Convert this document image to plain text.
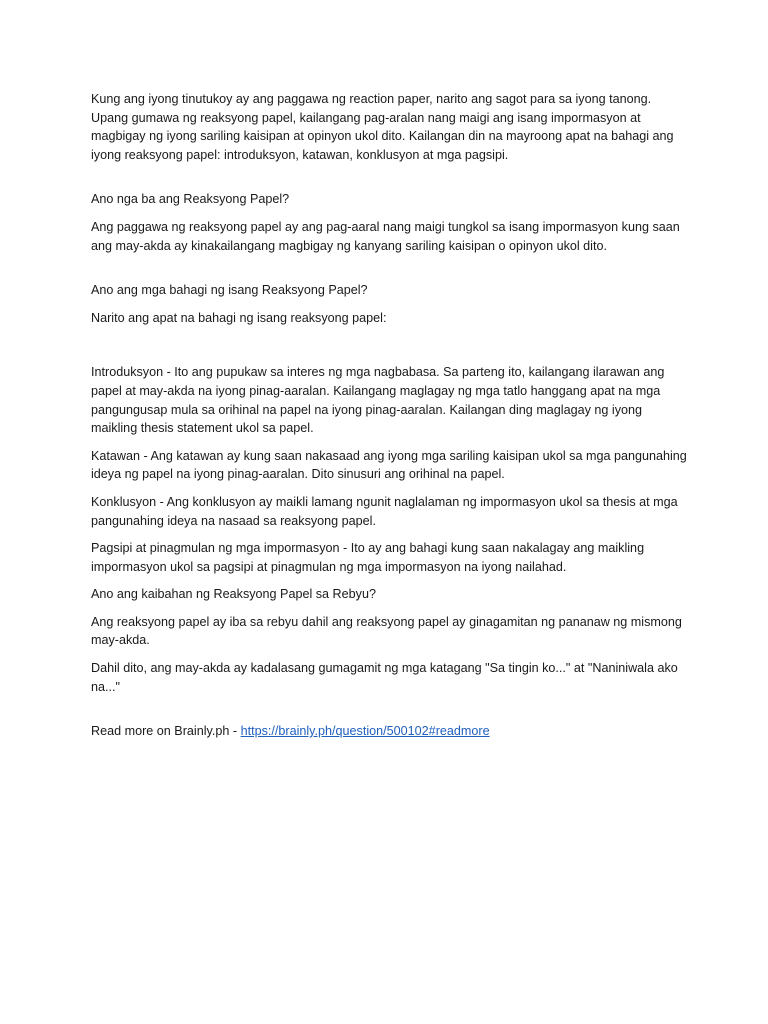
Kung ang iyong tinutukoy ay ang paggawa ng reaction paper, narito ang sagot para sa iyong tanong. Upang gumawa ng reaksyong papel, kailangang pag-aralan nang maigi ang isang impormasyon at magbigay ng iyong sariling kaisipan at opinyon ukol dito. Kailangan din na mayroong apat na bahagi ang iyong reaksyong papel: introduksyon, katawan, konklusyon at mga pagsipi.

Ano nga ba ang Reaksyong Papel?

Ang paggawa ng reaksyong papel ay ang pag-aaral nang maigi tungkol sa isang impormasyon kung saan ang may-akda ay kinakailangang magbigay ng kanyang sariling kaisipan o opinyon ukol dito.

Ano ang mga bahagi ng isang Reaksyong Papel?

Narito ang apat na bahagi ng isang reaksyong papel:

Introduksyon - Ito ang pupukaw sa interes ng mga nagbabasa. Sa parteng ito, kailangang ilarawan ang papel at may-akda na iyong pinag-aaralan. Kailangang maglagay ng mga tatlo hanggang apat na mga pangungusap mula sa orihinal na papel na iyong pinag-aaralan. Kailangan ding maglagay ng iyong maikling thesis statement ukol sa papel.

Katawan - Ang katawan ay kung saan nakasaad ang iyong mga sariling kaisipan ukol sa mga pangunahing ideya ng papel na iyong pinag-aaralan. Dito sinusuri ang orihinal na papel.

Konklusyon - Ang konklusyon ay maikli lamang ngunit naglalaman ng impormasyon ukol sa thesis at mga pangunahing ideya na nasaad sa reaksyong papel.

Pagsipi at pinagmulan ng mga impormasyon - Ito ay ang bahagi kung saan nakalagay ang maikling impormasyon ukol sa pagsipi at pinagmulan ng mga impormasyon na iyong nailahad.

Ano ang kaibahan ng Reaksyong Papel sa Rebyu?

Ang reaksyong papel ay iba sa rebyu dahil ang reaksyong papel ay ginagamitan ng pananaw ng mismong may-akda.

Dahil dito, ang may-akda ay kadalasang gumagamit ng mga katagang "Sa tingin ko..." at "Naniniwala ako na..."

Read more on Brainly.ph - https://brainly.ph/question/500102#readmore
